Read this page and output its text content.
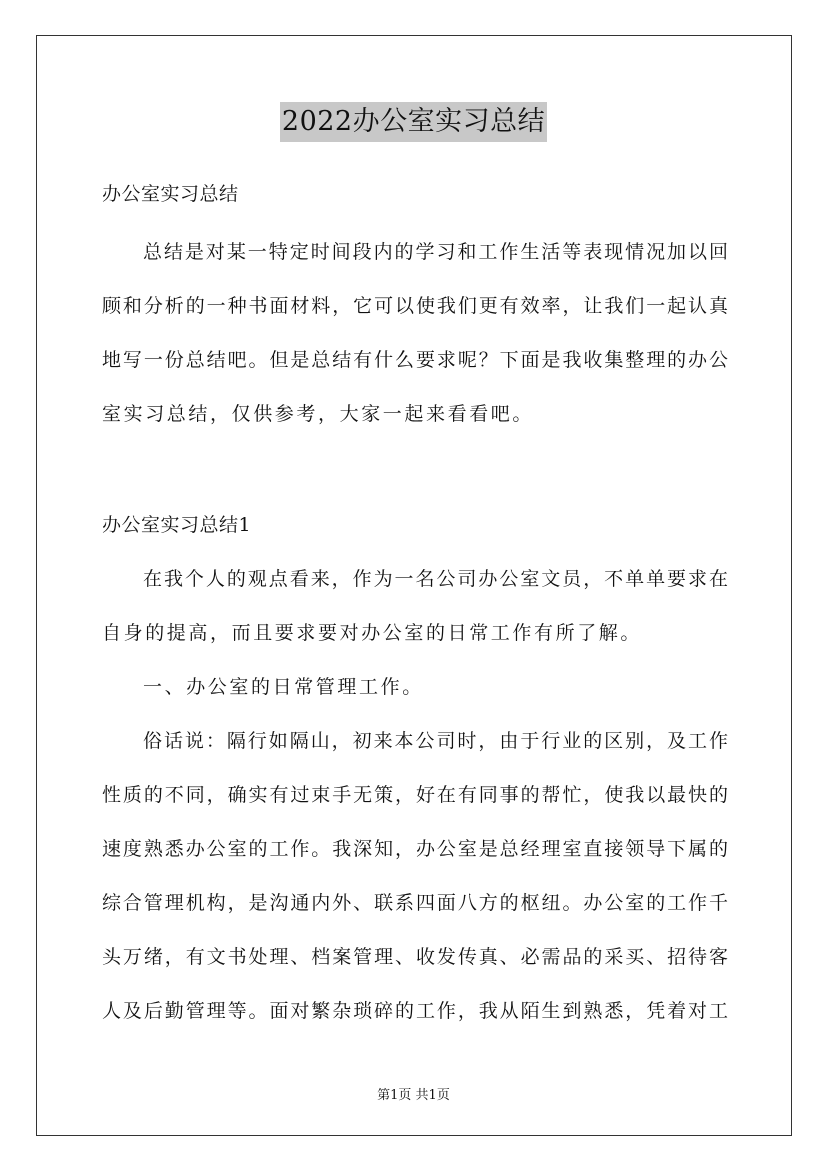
2022办公室实习总结
办公室实习总结
总结是对某一特定时间段内的学习和工作生活等表现情况加以回
顾和分析的一种书面材料，它可以使我们更有效率，让我们一起认真
地写一份总结吧。但是总结有什么要求呢？下面是我收集整理的办公
室实习总结，仅供参考，大家一起来看看吧。
办公室实习总结1
在我个人的观点看来，作为一名公司办公室文员，不单单要求在
自身的提高，而且要求要对办公室的日常工作有所了解。
一、办公室的日常管理工作。
俗话说：隔行如隔山，初来本公司时，由于行业的区别，及工作
性质的不同，确实有过束手无策，好在有同事的帮忙，使我以最快的
速度熟悉办公室的工作。我深知，办公室是总经理室直接领导下属的
综合管理机构，是沟通内外、联系四面八方的枢纽。办公室的工作千
头万绪，有文书处理、档案管理、收发传真、必需品的采买、招待客
人及后勤管理等。面对繁杂琐碎的工作，我从陌生到熟悉，凭着对工
第1页 共1页
